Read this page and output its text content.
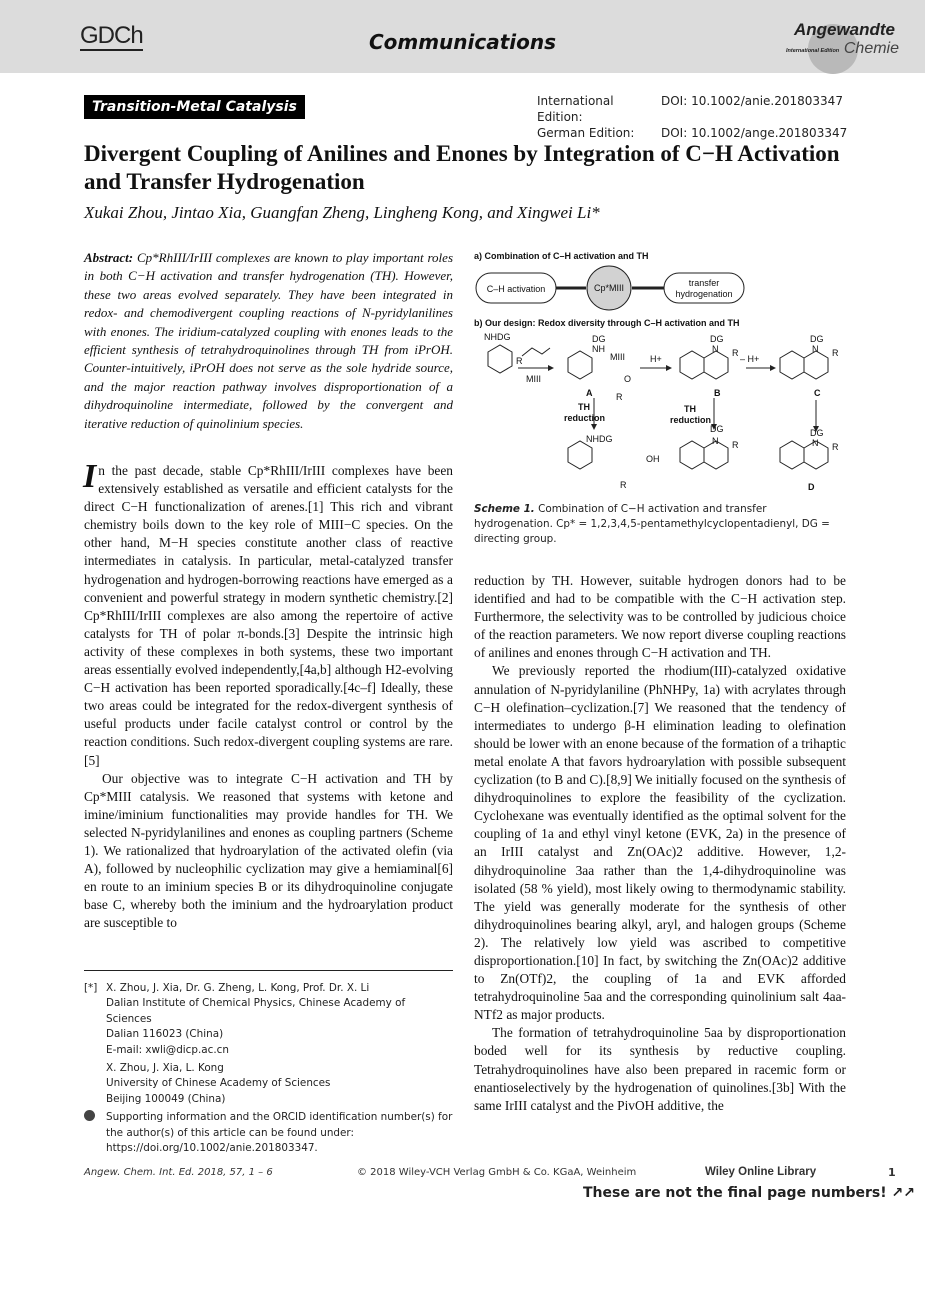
GDCh	Communications
Angewandte
International Edition Chemie
Transition-Metal Catalysis	International Edition:
DOI: 10.1002/anie.201803347
German Edition:	DOI: 10.1002/ange.201803347
Divergent Coupling of Anilines and Enones by Integration of C−H Activation and Transfer Hydrogenation
Xukai Zhou, Jintao Xia, Guangfan Zheng, Lingheng Kong, and Xingwei Li*
Abstract: Cp*RhIII/IrIII complexes are known to play important roles in both C−H activation and transfer hydrogenation (TH). However, these two areas evolved separately. They have been integrated in redox- and chemodivergent coupling reactions of N-pyridylanilines with enones. The iridium-catalyzed coupling with enones leads to the efficient synthesis of tetrahydroquinolines through TH from iPrOH. Counter-intuitively, iPrOH does not serve as the sole hydride source, and the major reaction pathway involves disproportionation of a dihydroquinoline intermediate, followed by the convergent and iterative reduction of quinolinium species.

In the past decade, stable Cp*RhIII/IrIII complexes have been extensively established as versatile and efficient catalysts for the direct C−H functionalization of arenes.[1] This rich and vibrant chemistry boils down to the key role of MIII−C species. On the other hand, M−H species constitute another class of reactive intermediates in catalysis. In particular, metal-catalyzed transfer hydrogenation and hydrogen-borrowing reactions have emerged as a convenient and powerful strategy in modern synthetic chemistry.[2] Cp*RhIII/IrIII complexes are also among the repertoire of active catalysts for TH of polar π-bonds.[3] Despite the intrinsic high activity of these complexes in both systems, these two important areas essentially evolved independently,[4a,b] although H2-evolving C−H activation has been reported sporadically.[4c–f] Ideally, these two areas could be integrated for the redox-divergent synthesis of useful products under facile catalyst control or control by the reaction conditions. Such redox-divergent coupling systems are rare.[5]

Our objective was to integrate C−H activation and TH by Cp*MIII catalysis. We reasoned that systems with ketone and imine/iminium functionalities may provide handles for TH. We selected N-pyridylanilines and enones as coupling partners (Scheme 1). We rationalized that hydroarylation of the activated olefin (via A), followed by nucleophilic cyclization may give a hemiaminal[6] en route to an iminium species B or its dihydroquinoline conjugate base C, whereby both the iminium and the hydroarylation product are susceptible to

[*] X. Zhou, J. Xia, Dr. G. Zheng, L. Kong, Prof. Dr. X. Li
Dalian Institute of Chemical Physics, Chinese Academy of Sciences
Dalian 116023 (China)
E-mail: xwli@dicp.ac.cn
X. Zhou, J. Xia, L. Kong
University of Chinese Academy of Sciences
Beijing 100049 (China)
Supporting information and the ORCID identification number(s) for the author(s) of this article can be found under: https://doi.org/10.1002/anie.201803347.
a) Combination of C–H activation and TH
C–H activation	Cp*MIII	transfer
hydrogenation
b) Our design: Redox diversity through C–H activation and TH
NHDG
R
MIII
DG
NH
MIII
O
R
A
H+
DG
N R
B
– H+
DG
N R
C
TH
reduction
TH
reduction
NHDG
OH
R
DG
N R
DG
N R
D
Scheme 1. Combination of C−H activation and transfer hydrogenation. Cp* = 1,2,3,4,5-pentamethylcyclopentadienyl, DG = directing group.

reduction by TH. However, suitable hydrogen donors had to be identified and had to be compatible with the C−H activation step. Furthermore, the selectivity was to be controlled by judicious choice of the reaction parameters. We now report diverse coupling reactions of anilines and enones through C−H activation and TH.

We previously reported the rhodium(III)-catalyzed oxidative annulation of N-pyridylaniline (PhNHPy, 1a) with acrylates through C−H olefination–cyclization.[7] We reasoned that the tendency of intermediates to undergo β-H elimination leading to olefination should be lower with an enone because of the formation of a trihaptic metal enolate A that favors hydroarylation with possible subsequent cyclization (to B and C).[8,9] We initially focused on the synthesis of dihydroquinolines to explore the feasibility of the cyclization. Cyclohexane was eventually identified as the optimal solvent for the coupling of 1a and ethyl vinyl ketone (EVK, 2a) in the presence of an IrIII catalyst and Zn(OAc)2 additive. However, 1,2-dihydroquinoline 3aa rather than the 1,4-dihydroquinoline was isolated (58 % yield), most likely owing to thermodynamic stability. The yield was generally moderate for the synthesis of other dihydroquinolines bearing alkyl, aryl, and halogen groups (Scheme 2). The relatively low yield was ascribed to competitive disproportionation.[10] In fact, by switching the Zn(OAc)2 additive to Zn(OTf)2, the coupling of 1a and EVK afforded tetrahydroquinoline 5aa and the corresponding quinolinium salt 4aa-NTf2 as major products.

The formation of tetrahydroquinoline 5aa by disproportionation boded well for its synthesis by reductive coupling. Tetrahydroquinolines have also been prepared in racemic form or enantioselectively by the hydrogenation of quinolines.[3b] With the same IrIII catalyst and the PivOH additive, the

Angew. Chem. Int. Ed. 2018, 57, 1 – 6	© 2018 Wiley-VCH Verlag GmbH & Co. KGaA, Weinheim	Wiley Online Library	1
These are not the final page numbers! ↗↗
